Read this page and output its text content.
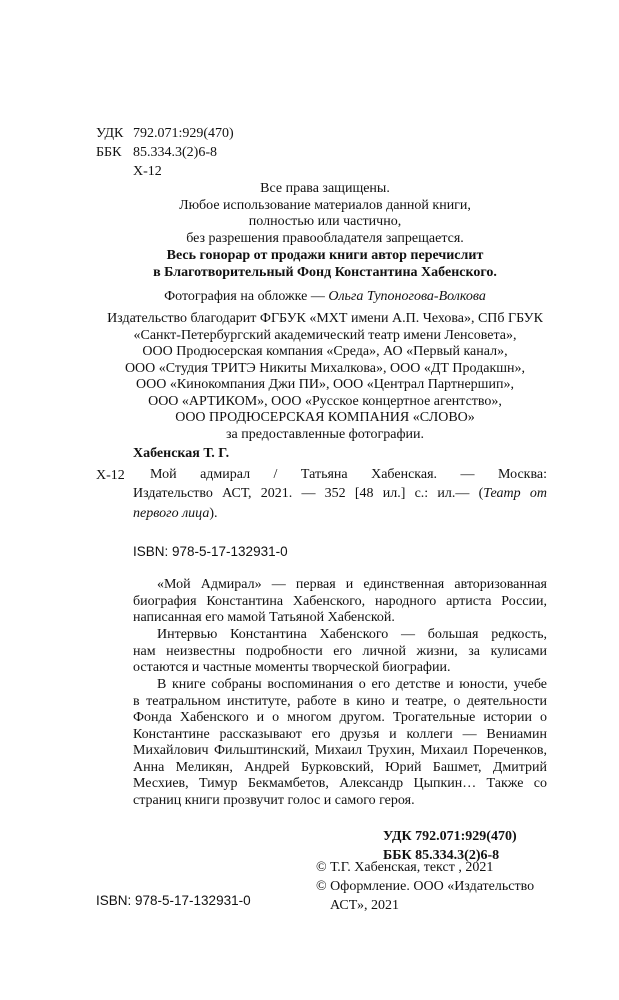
УДК 792.071:929(470)
ББК 85.334.3(2)6-8
Х-12
Все права защищены.
Любое использование материалов данной книги,
полностью или частично,
без разрешения правообладателя запрещается.
Весь гонорар от продажи книги автор перечислит
в Благотворительный Фонд Константина Хабенского.
Фотография на обложке — Ольга Тупоногова-Волкова
Издательство благодарит ФГБУК «МХТ имени А.П. Чехова», СПб ГБУК
«Санкт-Петербургский академический театр имени Ленсовета»,
ООО Продюсерская компания «Среда», АО «Первый канал»,
ООО «Студия ТРИТЭ Никиты Михалкова», ООО «ДТ Продакшн»,
ООО «Кинокомпания Джи ПИ», ООО «Централ Партнершип»,
ООО «АРТИКОМ», ООО «Русское концертное агентство»,
ООО ПРОДЮСЕРСКАЯ КОМПАНИЯ «СЛОВО»
за предоставленные фотографии.
Хабенская Т. Г.
Х-12 Мой адмирал / Татьяна Хабенская. — Москва:
Издательство АСТ, 2021. — 352 [48 ил.] с.: ил.— (Театр от
первого лица).
ISBN: 978-5-17-132931-0
«Мой Адмирал» — первая и единственная авторизованная
биография Константина Хабенского, народного артиста России,
написанная его мамой Татьяной Хабенской.
Интервью Константина Хабенского — большая редкость,
нам неизвестны подробности его личной жизни, за кулисами
остаются и частные моменты творческой биографии.
В книге собраны воспоминания о его детстве и юности, учебе
в театральном институте, работе в кино и театре, о деятельности
Фонда Хабенского и о многом другом. Трогательные истории о
Константине рассказывают его друзья и коллеги — Вениамин
Михайлович Фильштинский, Михаил Трухин, Михаил Пореченков,
Анна Меликян, Андрей Бурковский, Юрий Башмет, Дмитрий
Месхиев, Тимур Бекмамбетов, Александр Цыпкин… Также со
страниц книги прозвучит голос и самого героя.
УДК 792.071:929(470)
ББК 85.334.3(2)6-8
© Т.Г. Хабенская, текст , 2021
© Оформление. ООО «Издательство
АСТ», 2021
ISBN: 978-5-17-132931-0
